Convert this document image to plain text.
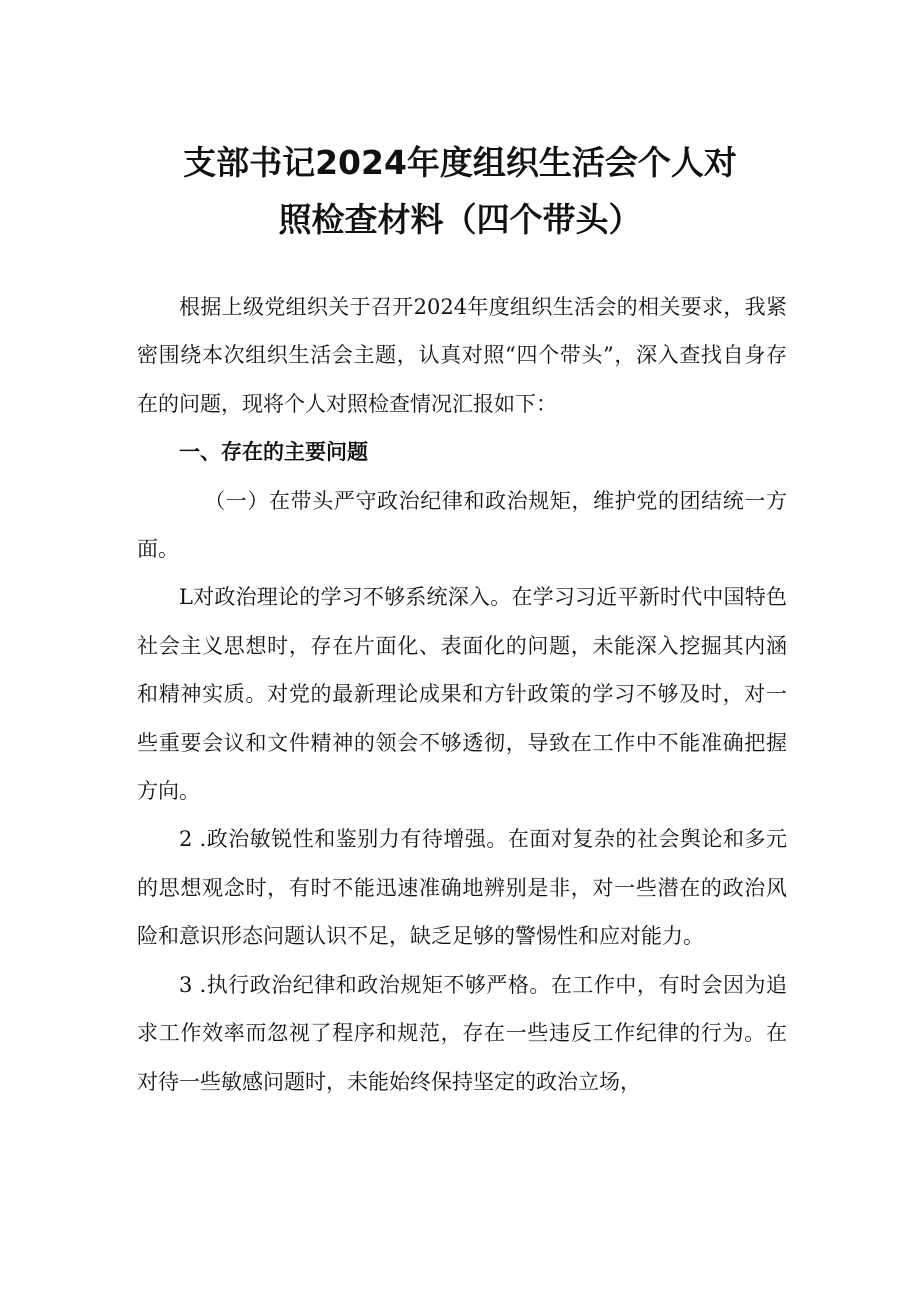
支部书记2024年度组织生活会个人对
照检查材料（四个带头）

根据上级党组织关于召开2024年度组织生活会的相关要求，我紧密围绕本次组织生活会主题，认真对照“四个带头”，深入查找自身存在的问题，现将个人对照检查情况汇报如下：

一、存在的主要问题

（一）在带头严守政治纪律和政治规矩，维护党的团结统一方面。

L对政治理论的学习不够系统深入。在学习习近平新时代中国特色社会主义思想时，存在片面化、表面化的问题，未能深入挖掘其内涵和精神实质。对党的最新理论成果和方针政策的学习不够及时，对一些重要会议和文件精神的领会不够透彻，导致在工作中不能准确把握方向。

2 .政治敏锐性和鉴别力有待增强。在面对复杂的社会舆论和多元的思想观念时，有时不能迅速准确地辨别是非，对一些潜在的政治风险和意识形态问题认识不足，缺乏足够的警惕性和应对能力。

3 .执行政治纪律和政治规矩不够严格。在工作中，有时会因为追求工作效率而忽视了程序和规范，存在一些违反工作纪律的行为。在对待一些敏感问题时，未能始终保持坚定的政治立场，
